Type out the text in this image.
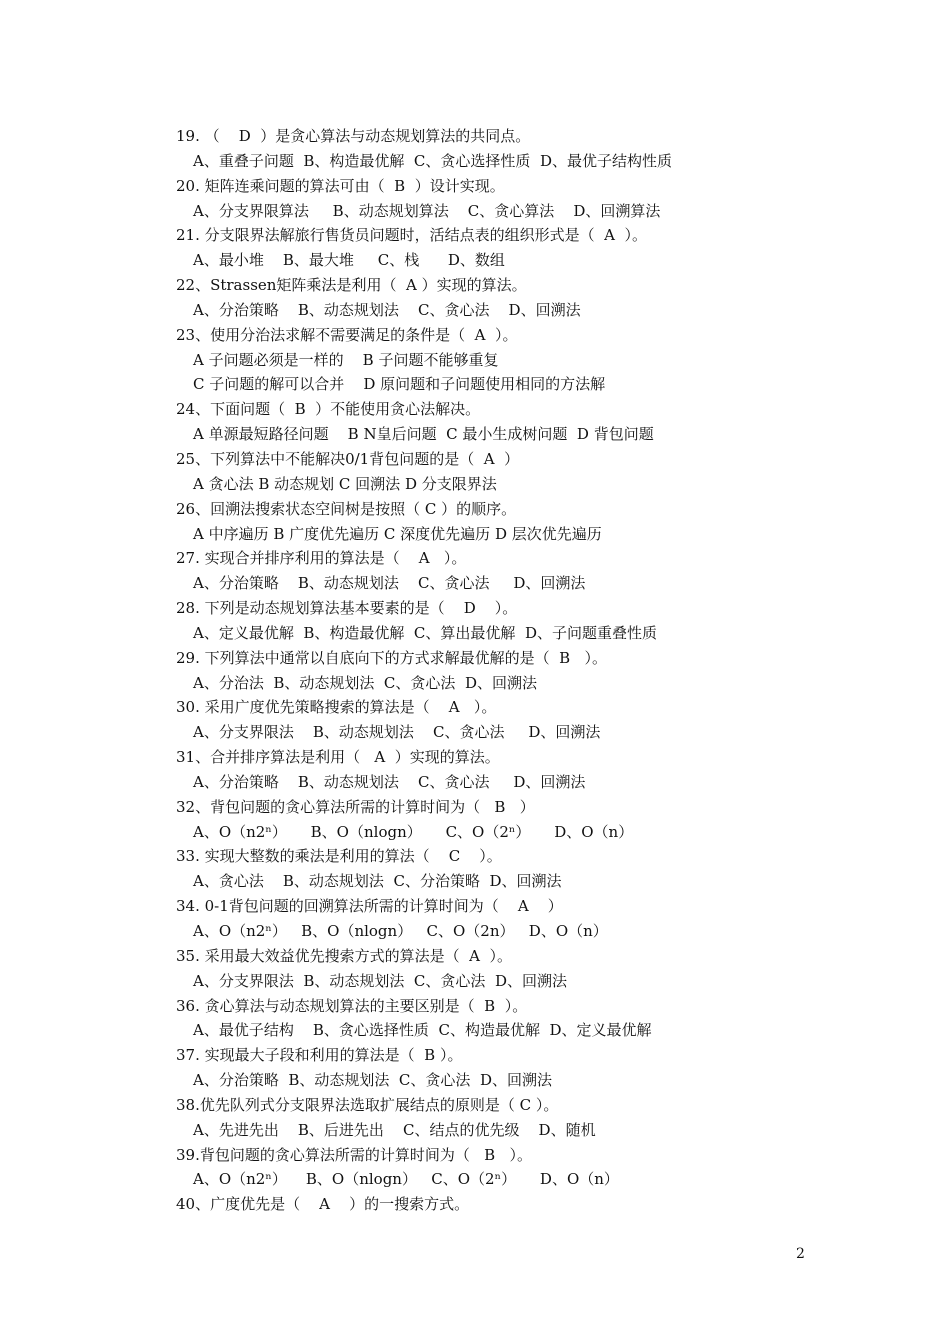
19. （    D  ）是贪心算法与动态规划算法的共同点。
A、重叠子问题  B、构造最优解  C、贪心选择性质  D、最优子结构性质
20. 矩阵连乘问题的算法可由（  B  ）设计实现。
A、分支界限算法     B、动态规划算法    C、贪心算法    D、回溯算法
21. 分支限界法解旅行售货员问题时，活结点表的组织形式是（  A  ）。
A、最小堆    B、最大堆     C、栈      D、数组
22、Strassen矩阵乘法是利用（  A ）实现的算法。
A、分治策略    B、动态规划法    C、贪心法    D、回溯法
23、使用分治法求解不需要满足的条件是（  A  ）。
A 子问题必须是一样的    B 子问题不能够重复
C 子问题的解可以合并    D 原问题和子问题使用相同的方法解
24、下面问题（  B  ）不能使用贪心法解决。
A 单源最短路径问题    B N皇后问题  C 最小生成树问题  D 背包问题
25、下列算法中不能解决0/1背包问题的是（  A  ）
A 贪心法 B 动态规划 C 回溯法 D 分支限界法
26、回溯法搜索状态空间树是按照（ C ）的顺序。
A 中序遍历 B 广度优先遍历 C 深度优先遍历 D 层次优先遍历
27. 实现合并排序利用的算法是（    A   ）。
A、分治策略    B、动态规划法    C、贪心法     D、回溯法
28. 下列是动态规划算法基本要素的是（    D    ）。
A、定义最优解  B、构造最优解  C、算出最优解  D、子问题重叠性质
29. 下列算法中通常以自底向下的方式求解最优解的是（  B   ）。
A、分治法  B、动态规划法  C、贪心法  D、回溯法
30. 采用广度优先策略搜索的算法是（    A   ）。
A、分支界限法    B、动态规划法    C、贪心法     D、回溯法
31、合并排序算法是利用（   A  ）实现的算法。
A、分治策略    B、动态规划法    C、贪心法     D、回溯法
32、背包问题的贪心算法所需的计算时间为（   B   ）
A、O（n2ⁿ）     B、O（nlogn）     C、O（2ⁿ）     D、O（n）
33. 实现大整数的乘法是利用的算法（    C    ）。
A、贪心法    B、动态规划法  C、分治策略  D、回溯法
34. 0-1背包问题的回溯算法所需的计算时间为（    A    ）
A、O（n2ⁿ）   B、O（nlogn）   C、O（2n）   D、O（n）
35. 采用最大效益优先搜索方式的算法是（  A  ）。
A、分支界限法  B、动态规划法  C、贪心法  D、回溯法
36. 贪心算法与动态规划算法的主要区别是（  B  ）。
A、最优子结构    B、贪心选择性质  C、构造最优解  D、定义最优解
37. 实现最大子段和利用的算法是（  B ）。
A、分治策略  B、动态规划法  C、贪心法  D、回溯法
38.优先队列式分支限界法选取扩展结点的原则是（ C ）。
A、先进先出    B、后进先出    C、结点的优先级    D、随机
39.背包问题的贪心算法所需的计算时间为（   B   ）。
A、O（n2ⁿ）    B、O（nlogn）   C、O（2ⁿ）     D、O（n）
40、广度优先是（    A    ）的一搜索方式。
2
